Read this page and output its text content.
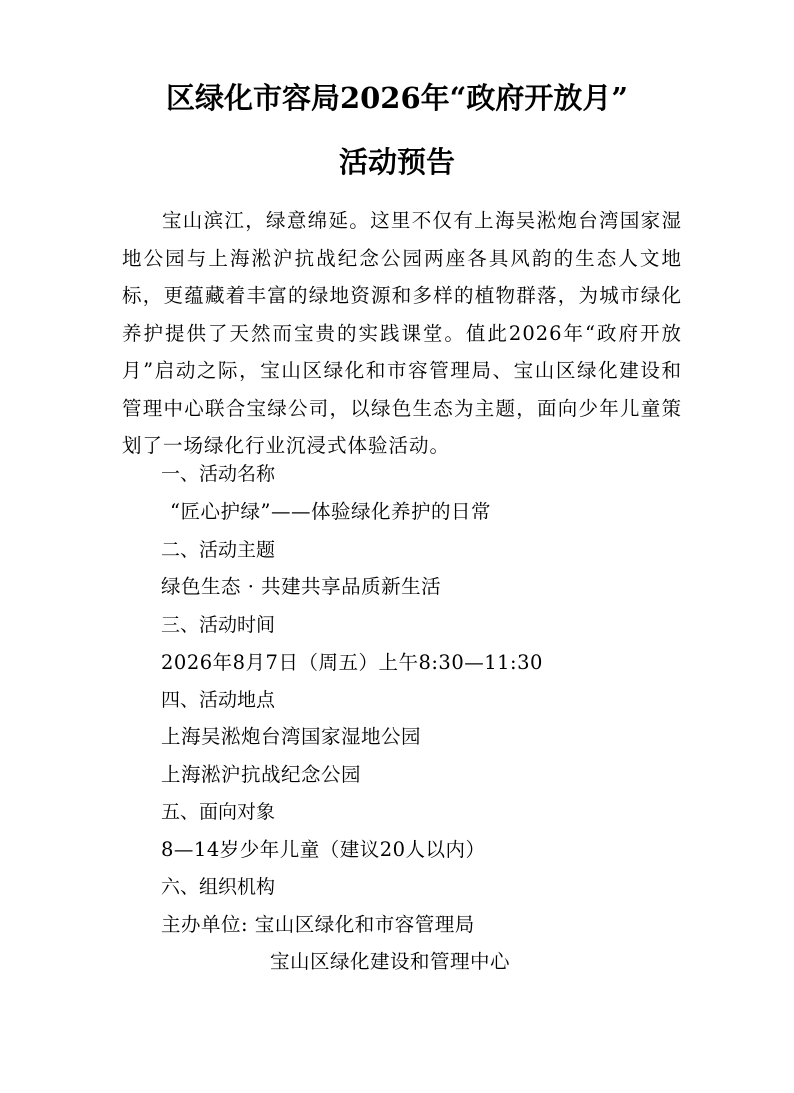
区绿化市容局2026年“政府开放月”
活动预告

宝山滨江，绿意绵延。这里不仅有上海吴淞炮台湾国家湿地公园与上海淞沪抗战纪念公园两座各具风韵的生态人文地标，更蕴藏着丰富的绿地资源和多样的植物群落，为城市绿化养护提供了天然而宝贵的实践课堂。值此2026年“政府开放月”启动之际，宝山区绿化和市容管理局、宝山区绿化建设和管理中心联合宝绿公司，以绿色生态为主题，面向少年儿童策划了一场绿化行业沉浸式体验活动。

一、活动名称
“匠心护绿”——体验绿化养护的日常
二、活动主题
绿色生态 · 共建共享品质新生活
三、活动时间
2026年8月7日（周五）上午8:30—11:30
四、活动地点
上海吴淞炮台湾国家湿地公园
上海淞沪抗战纪念公园
五、面向对象
8—14岁少年儿童（建议20人以内）
六、组织机构
主办单位: 宝山区绿化和市容管理局
宝山区绿化建设和管理中心
